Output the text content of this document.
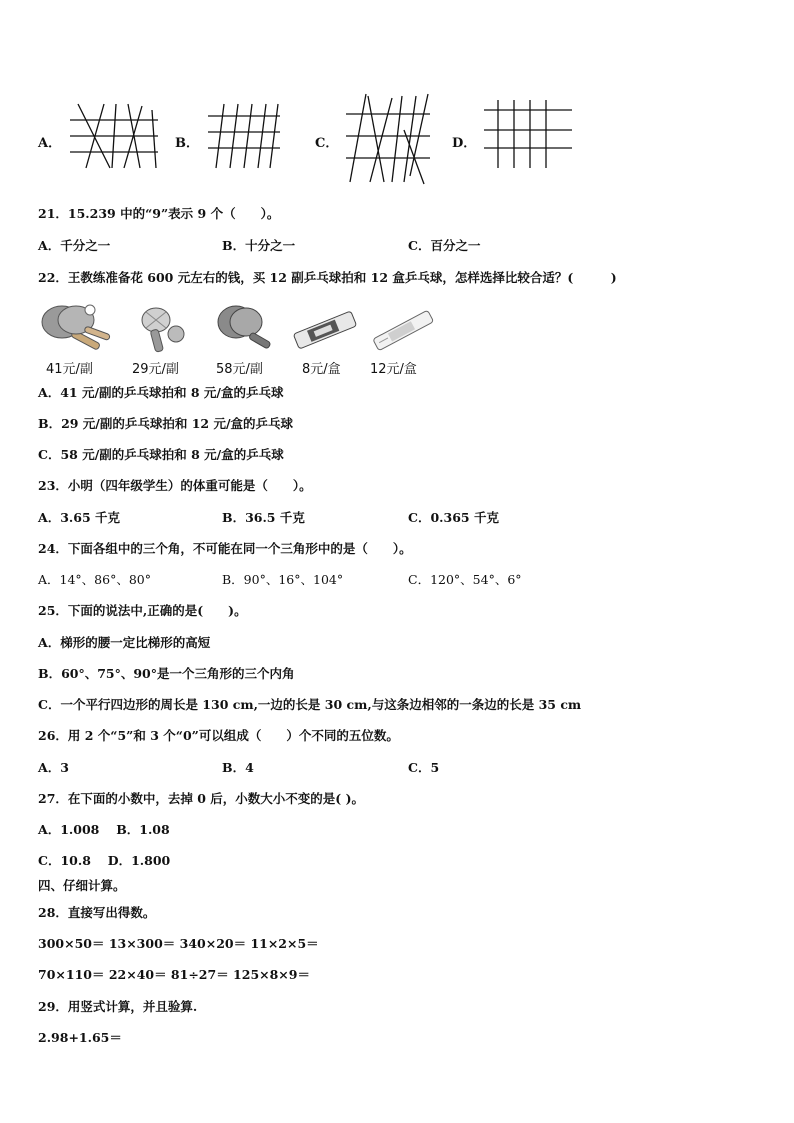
A．	B．	C．	D．
21．15.239 中的“9”表示 9 个（　　）。
A．千分之一	B．十分之一	C．百分之一
22．王教练准备花 600 元左右的钱，买 12 副乒乓球拍和 12 盒乒乓球，怎样选择比较合适？(　　　)
41元/副	29元/副	58元/副	8元/盒 12元/盒
A．41 元/副的乒乓球拍和 8 元/盒的乒乓球
B．29 元/副的乒乓球拍和 12 元/盒的乒乓球
C．58 元/副的乒乓球拍和 8 元/盒的乒乓球
23．小明（四年级学生）的体重可能是（　　）。
A．3.65 千克	B．36.5 千克	C．0.365 千克
24．下面各组中的三个角，不可能在同一个三角形中的是（　　）。
A．14°、86°、80°	B．90°、16°、104°	C．120°、54°、6°
25．下面的说法中,正确的是(　　)。
A．梯形的腰一定比梯形的高短
B．60°、75°、90°是一个三角形的三个内角
C．一个平行四边形的周长是 130 cm,一边的长是 30 cm,与这条边相邻的一条边的长是 35 cm
26．用 2 个“5”和 3 个“0”可以组成（　　）个不同的五位数。
A．3	B．4	C．5
27．在下面的小数中，去掉 0 后，小数大小不变的是( )。
A．1.008　 B．1.08
C．10.8　 D．1.800
四、仔细计算。
28．直接写出得数。
300×50＝ 13×300＝ 340×20＝ 11×2×5＝
70×110＝ 22×40＝ 81÷27＝ 125×8×9＝
29．用竖式计算，并且验算.
2.98+1.65＝
